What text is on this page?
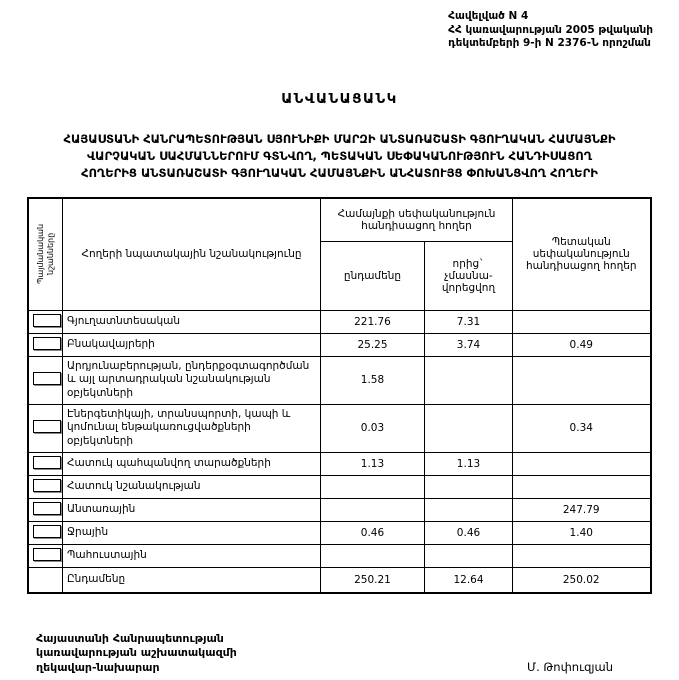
Հավելված N 4
ՀՀ կառավարության 2005 թվականի
դեկտեմբերի 9-ի N 2376-Ն որոշման
ԱՆՎԱՆԱՑԱՆԿ
ՀԱՅԱՍՏԱՆԻ ՀԱՆՐԱՊԵՏՈՒԹՅԱՆ ՍՅՈՒՆԻՔԻ ՄԱՐԶԻ ԱՆՏԱՌԱՇԱՏԻ ԳՅՈՒՂԱԿԱՆ ՀԱՄԱՅՆՔԻ
ՎԱՐՉԱԿԱՆ ՍԱՀՄԱՆՆԵՐՈՒՄ ԳՏՆՎՈՂ, ՊԵՏԱԿԱՆ ՍԵՓԱԿԱՆՈՒԹՅՈՒՆ ՀԱՆԴԻՍԱՑՈՂ
ՀՈՂԵՐԻՑ ԱՆՏԱՌԱՇԱՏԻ ԳՅՈՒՂԱԿԱՆ ՀԱՄԱՅՆՔԻՆ ԱՆՀԱՏՈՒՅՑ ՓՈԽԱՆՑՎՈՂ ՀՈՂԵՐԻ
Պայմանական նշանները	Հողերի նպատակային նշանակությունը	Համայնքի սեփականություն հանդիսացող հողեր		Պետական սեփականություն հանդիսացող հողեր
		ընդամենը	որից` չմասնա-վորեցվող	
	Գյուղատնտեսական	221.76	7.31	
	Բնակավայրերի	25.25	3.74	0.49
	Արդյունաբերության, ընդերքօգտագործման և այլ արտադրական նշանակության օբյեկտների	1.58		
	Էներգետիկայի, տրանսպորտի, կապի և կոմունալ ենթակառուցվածքների օբյեկտների	0.03		0.34
	Հատուկ պահպանվող տարածքների	1.13	1.13	
	Հատուկ նշանակության			
	Անտառային			247.79
	Ջրային	0.46	0.46	1.40
	Պահուստային			
	Ընդամենը	250.21	12.64	250.02
Հայաստանի Հանրապետության
կառավարության աշխատակազմի
ղեկավար-նախարար	Մ. Թոփուզյան
